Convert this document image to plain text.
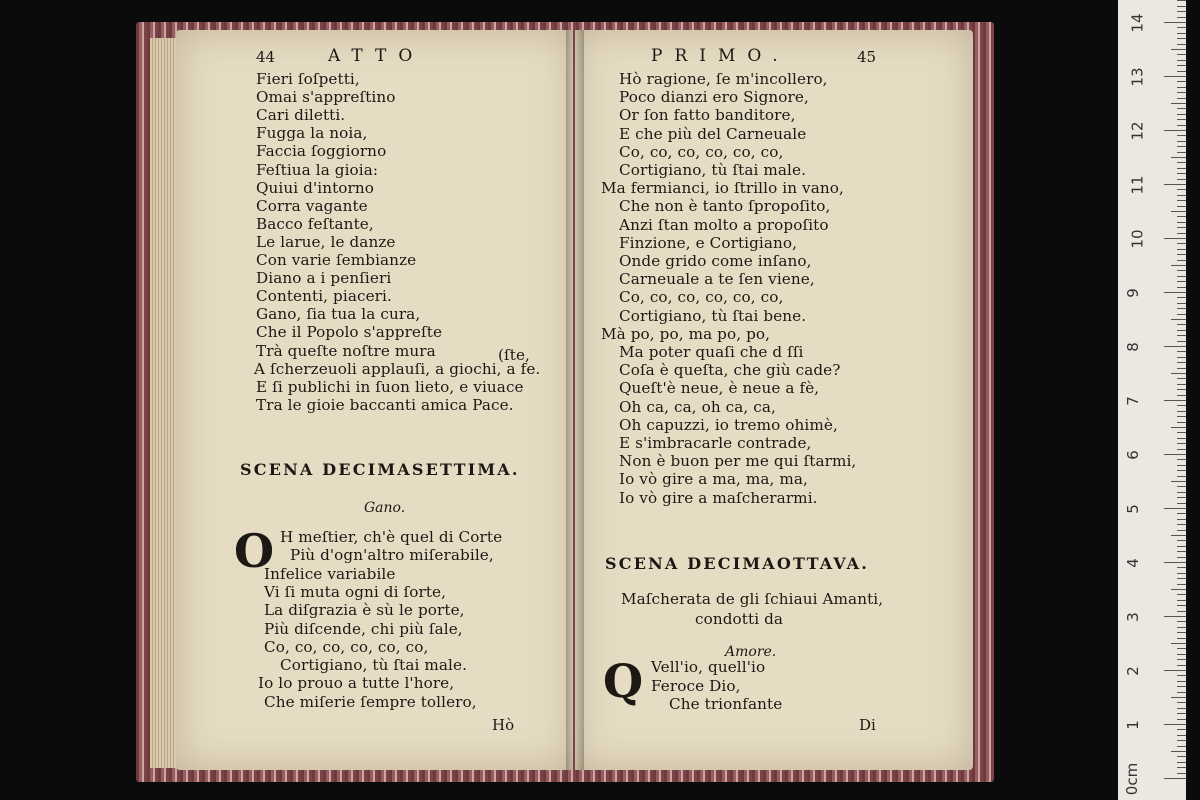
44	ATTO
Fieri ſoſpetti,
Omai s'appreſtino
Cari diletti.
Fugga la noia,
Faccia ſoggiorno
Feſtiua la gioia:
Quiui d'intorno
Corra vagante
Bacco feſtante,
Le larue, le danze
Con varie ſembianze
Diano a i penſieri
Contenti, piaceri.
Gano, ſia tua la cura,
Che il Popolo s'appreſte
Trà queſte noſtre mura
A ſcherzeuoli applauſi, a giochi, a fe.
E ſi publichi in ſuon lieto, e viuace
Tra le gioie baccanti amica Pace.
(ſte,
SCENA DECIMASETTIMA.
Gano.
O H meſtier, ch'è quel di Corte
Più d'ogn'altro miſerabile,
Infelice variabile
Vi ſi muta ogni di ſorte,
La diſgrazia è sù le porte,
Più diſcende, chi più ſale,
Co, co, co, co, co, co,
Cortigiano, tù ſtai male.
Io lo prouo a tutte l'hore,
Che miſerie ſempre tollero,
Hò
PRIMO.	45
Hò ragione, ſe m'incollero,
Poco dianzi ero Signore,
Or ſon fatto banditore,
E che più del Carneuale
Co, co, co, co, co, co,
Cortigiano, tù ſtai male.
Ma fermianci, io ſtrillo in vano,
Che non è tanto ſpropoſito,
Anzi ſtan molto a propoſito
Finzione, e Cortigiano,
Onde grido come inſano,
Carneuale a te ſen viene,
Co, co, co, co, co, co,
Cortigiano, tù ſtai bene.
Mà po, po, ma po, po,
Ma poter quaſi che d ſſi
Coſa è queſta, che giù cade?
Queſt'è neue, è neue a fè,
Oh ca, ca, oh ca, ca,
Oh capuzzi, io tremo ohimè,
E s'imbracarle contrade,
Non è buon per me qui ſtarmi,
Io vò gire a ma, ma, ma,
Io vò gire a maſcherarmi.
SCENA DECIMAOTTAVA.
Maſcherata de gli ſchiaui Amanti,
condotti da
Amore.
Q Vell'io, quell'io
Feroce Dio,
Che trionfante
Di
14
13
12
11
10
9
8
7
6
5
4
3
2
1
0cm
